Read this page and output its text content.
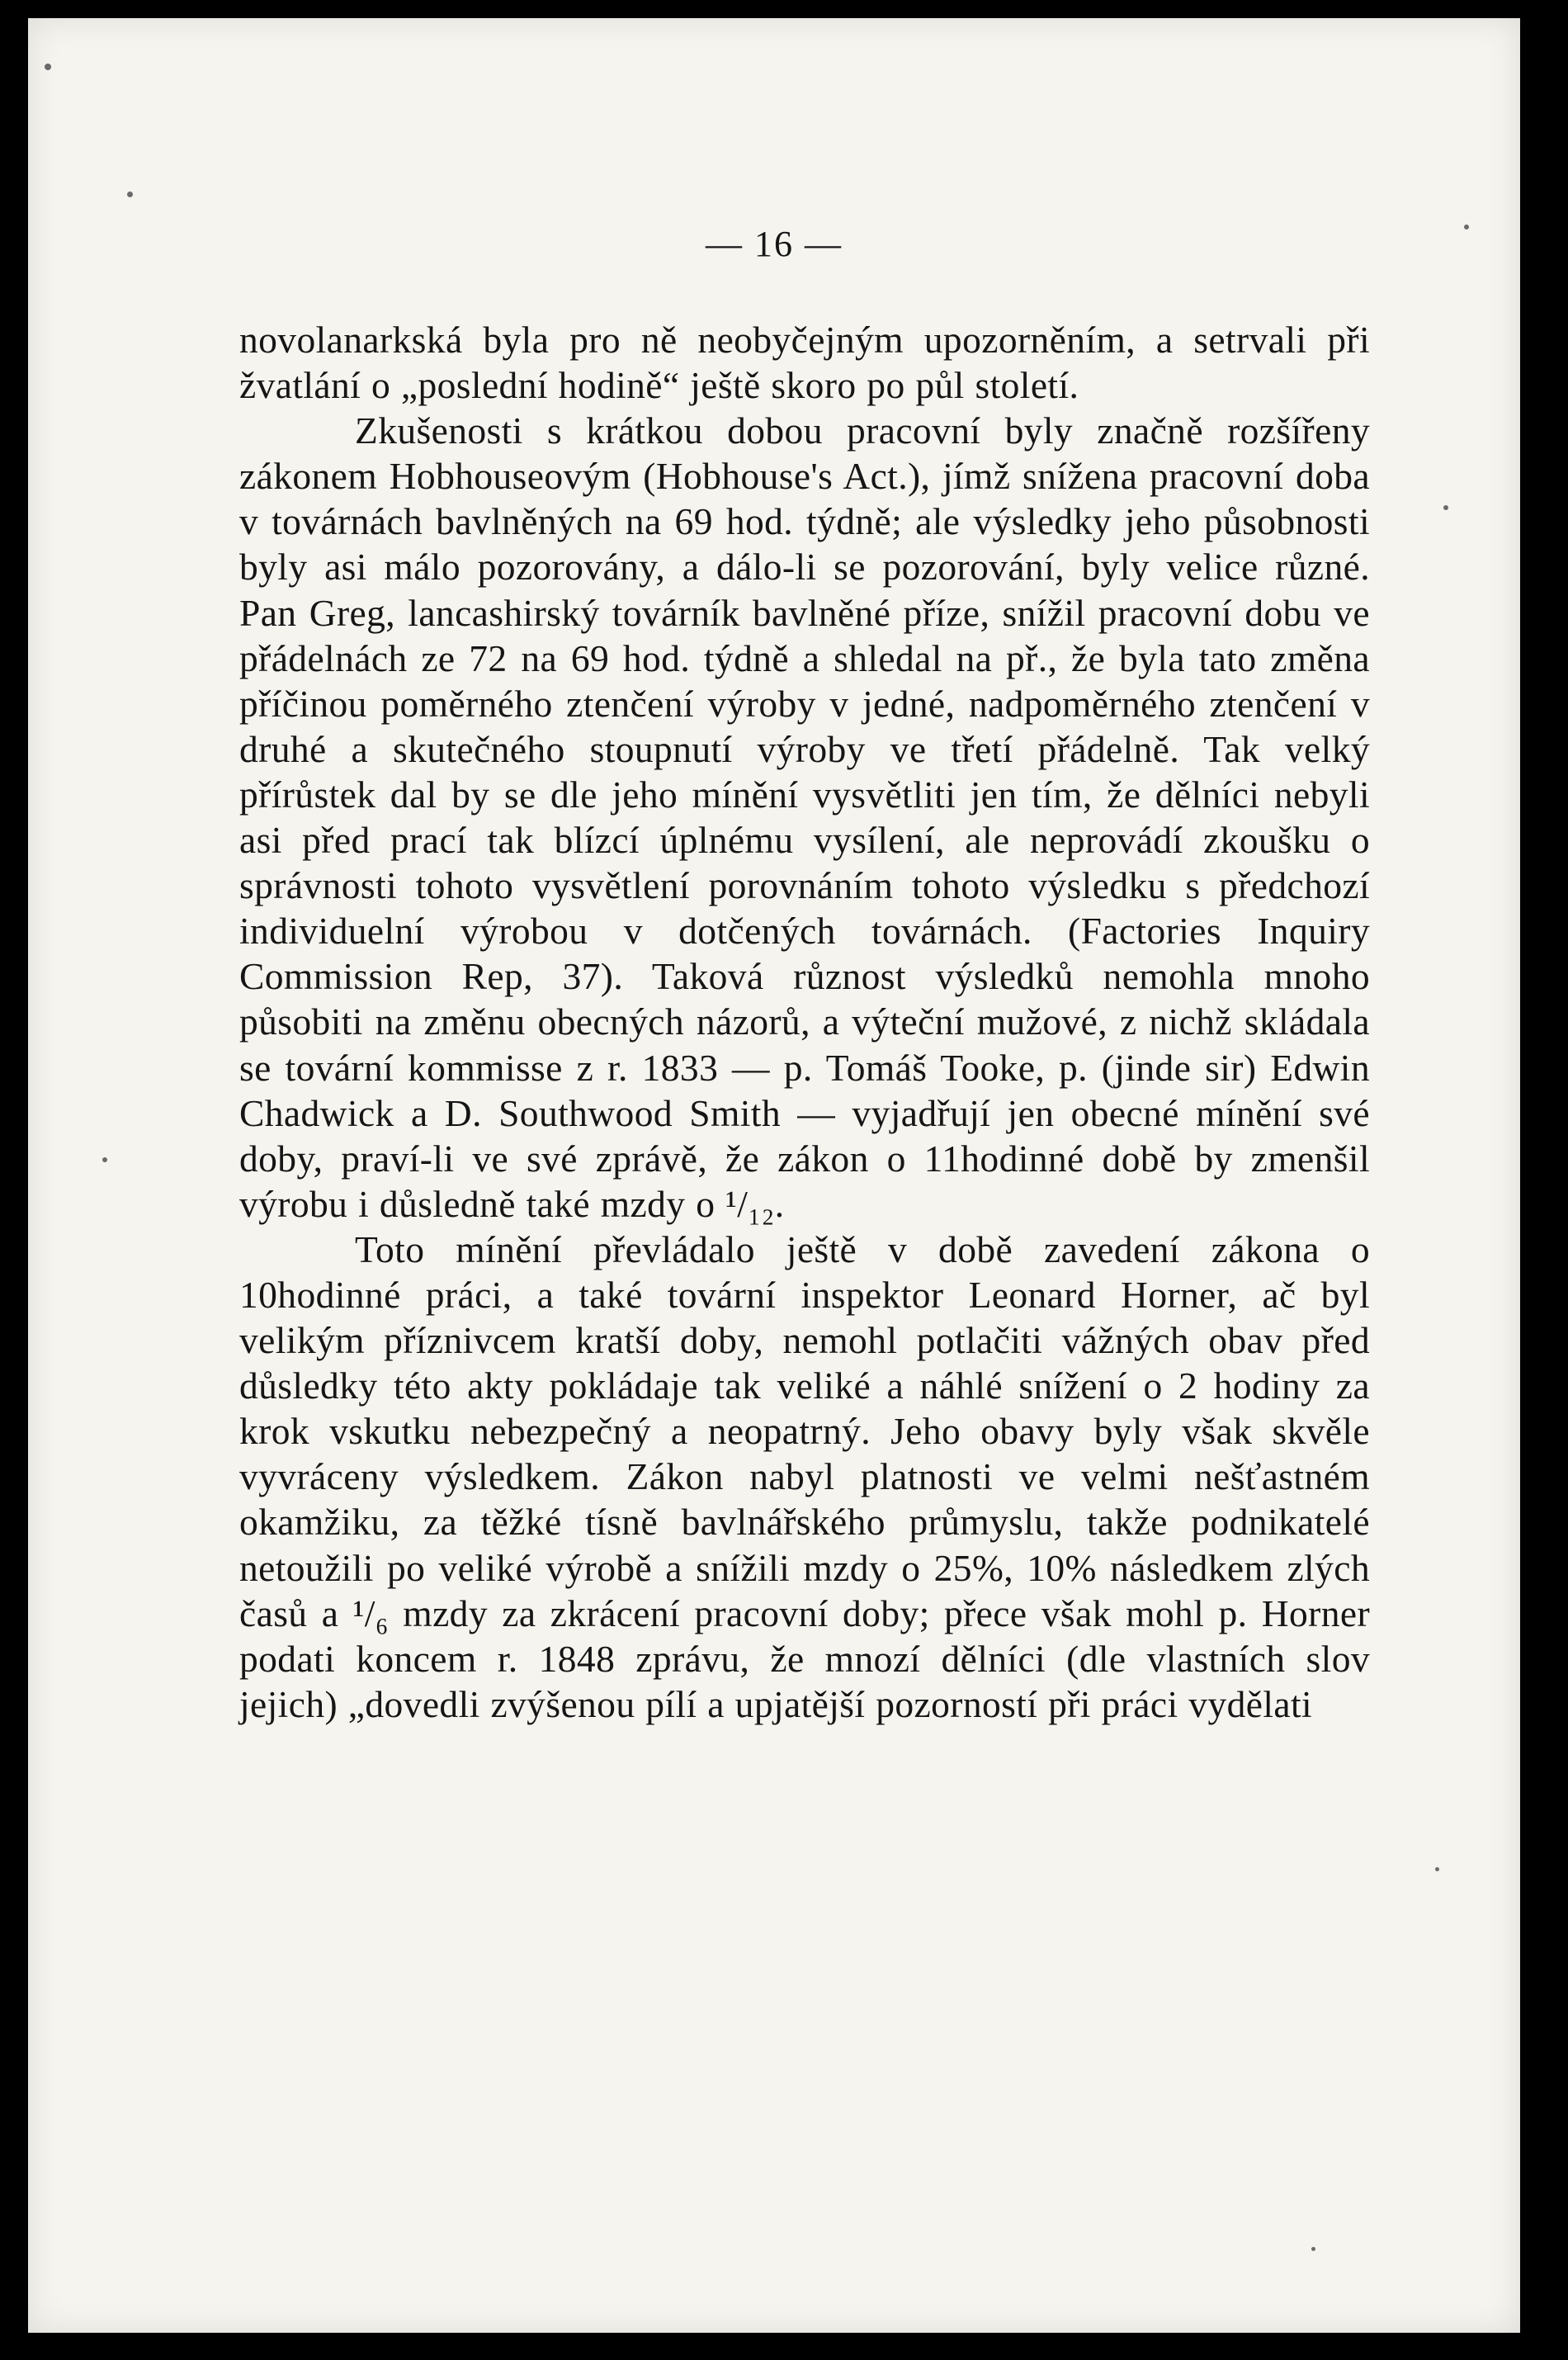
— 16 —

novolanarkská byla pro ně neobyčejným upozorněním, a setrvali při žvatlání o „poslední hodině“ ještě skoro po půl století.

Zkušenosti s krátkou dobou pracovní byly značně rozšířeny zákonem Hobhouseovým (Hobhouse's Act.), jímž snížena pracovní doba v továrnách bavlněných na 69 hod. týdně; ale výsledky jeho působnosti byly asi málo pozorovány, a dálo-li se pozorování, byly velice různé. Pan Greg, lancashirský továrník bavlněné příze, snížil pracovní dobu ve přádelnách ze 72 na 69 hod. týdně a shledal na př., že byla tato změna příčinou poměrného ztenčení výroby v jedné, nadpoměrného ztenčení v druhé a skutečného stoupnutí výroby ve třetí přádelně. Tak velký přírůstek dal by se dle jeho mínění vysvětliti jen tím, že dělníci nebyli asi před prací tak blízcí úplnému vysílení, ale neprovádí zkoušku o správnosti tohoto vysvětlení porovnáním tohoto výsledku s předchozí individuelní výrobou v dotčených továrnách. (Factories Inquiry Commission Rep, 37). Taková různost výsledků nemohla mnoho působiti na změnu obecných názorů, a výteční mužové, z nichž skládala se tovární kommisse z r. 1833 — p. Tomáš Tooke, p. (jinde sir) Edwin Chadwick a D. Southwood Smith — vyjadřují jen obecné mínění své doby, praví-li ve své zprávě, že zákon o 11hodinné době by zmenšil výrobu i důsledně také mzdy o ¹/₁₂.

Toto mínění převládalo ještě v době zavedení zákona o 10hodinné práci, a také tovární inspektor Leonard Horner, ač byl velikým příznivcem kratší doby, nemohl potlačiti vážných obav před důsledky této akty pokládaje tak veliké a náhlé snížení o 2 hodiny za krok vskutku nebezpečný a neopatrný. Jeho obavy byly však skvěle vyvráceny výsledkem. Zákon nabyl platnosti ve velmi nešťastném okamžiku, za těžké tísně bavlnářského průmyslu, takže podnikatelé netoužili po veliké výrobě a snížili mzdy o 25%, 10% následkem zlých časů a ¹/₆ mzdy za zkrácení pracovní doby; přece však mohl p. Horner podati koncem r. 1848 zprávu, že mnozí dělníci (dle vlastních slov jejich) „dovedli zvýšenou pílí a upjatější pozorností při práci vydělati
